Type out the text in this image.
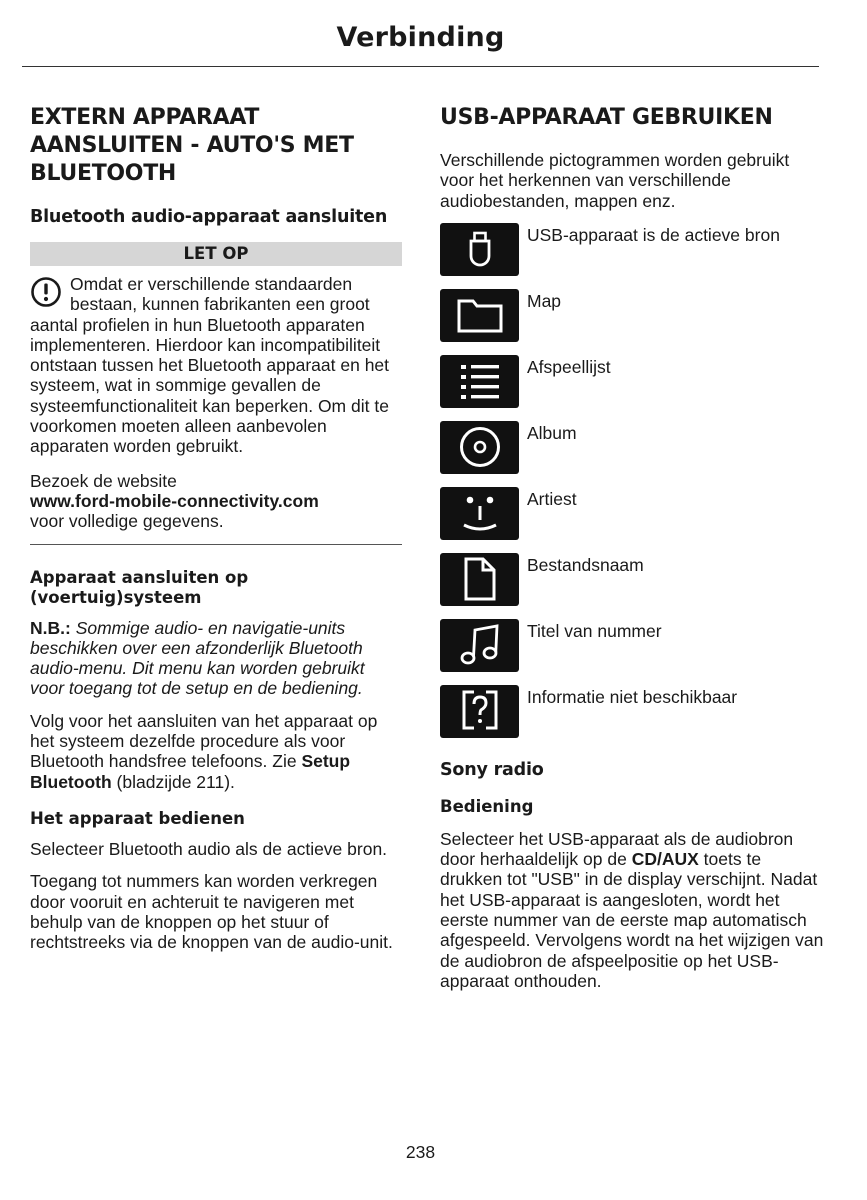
Verbinding
EXTERN APPARAAT AANSLUITEN - AUTO'S MET BLUETOOTH
Bluetooth audio-apparaat aansluiten
LET OP
Omdat er verschillende standaarden bestaan, kunnen fabrikanten een groot aantal profielen in hun Bluetooth apparaten implementeren. Hierdoor kan incompatibiliteit ontstaan tussen het Bluetooth apparaat en het systeem, wat in sommige gevallen de systeemfunctionaliteit kan beperken. Om dit te voorkomen moeten alleen aanbevolen apparaten worden gebruikt.

Bezoek de website
www.ford-mobile-connectivity.com
voor volledige gegevens.

Apparaat aansluiten op (voertuig)systeem

N.B.: Sommige audio- en navigatie-units beschikken over een afzonderlijk Bluetooth audio-menu. Dit menu kan worden gebruikt voor toegang tot de setup en de bediening.

Volg voor het aansluiten van het apparaat op het systeem dezelfde procedure als voor Bluetooth handsfree telefoons. Zie Setup Bluetooth (bladzijde 211).

Het apparaat bedienen

Selecteer Bluetooth audio als de actieve bron.

Toegang tot nummers kan worden verkregen door vooruit en achteruit te navigeren met behulp van de knoppen op het stuur of rechtstreeks via de knoppen van de audio-unit.

USB-APPARAAT GEBRUIKEN

Verschillende pictogrammen worden gebruikt voor het herkennen van verschillende audiobestanden, mappen enz.

USB-apparaat is de actieve bron
Map
Afspeellijst
Album
Artiest
Bestandsnaam
Titel van nummer
Informatie niet beschikbaar
Sony radio
Bediening

Selecteer het USB-apparaat als de audiobron door herhaaldelijk op de CD/AUX toets te drukken tot "USB" in de display verschijnt. Nadat het USB-apparaat is aangesloten, wordt het eerste nummer van de eerste map automatisch afgespeeld. Vervolgens wordt na het wijzigen van de audiobron de afspeelpositie op het USB-apparaat onthouden.

238
